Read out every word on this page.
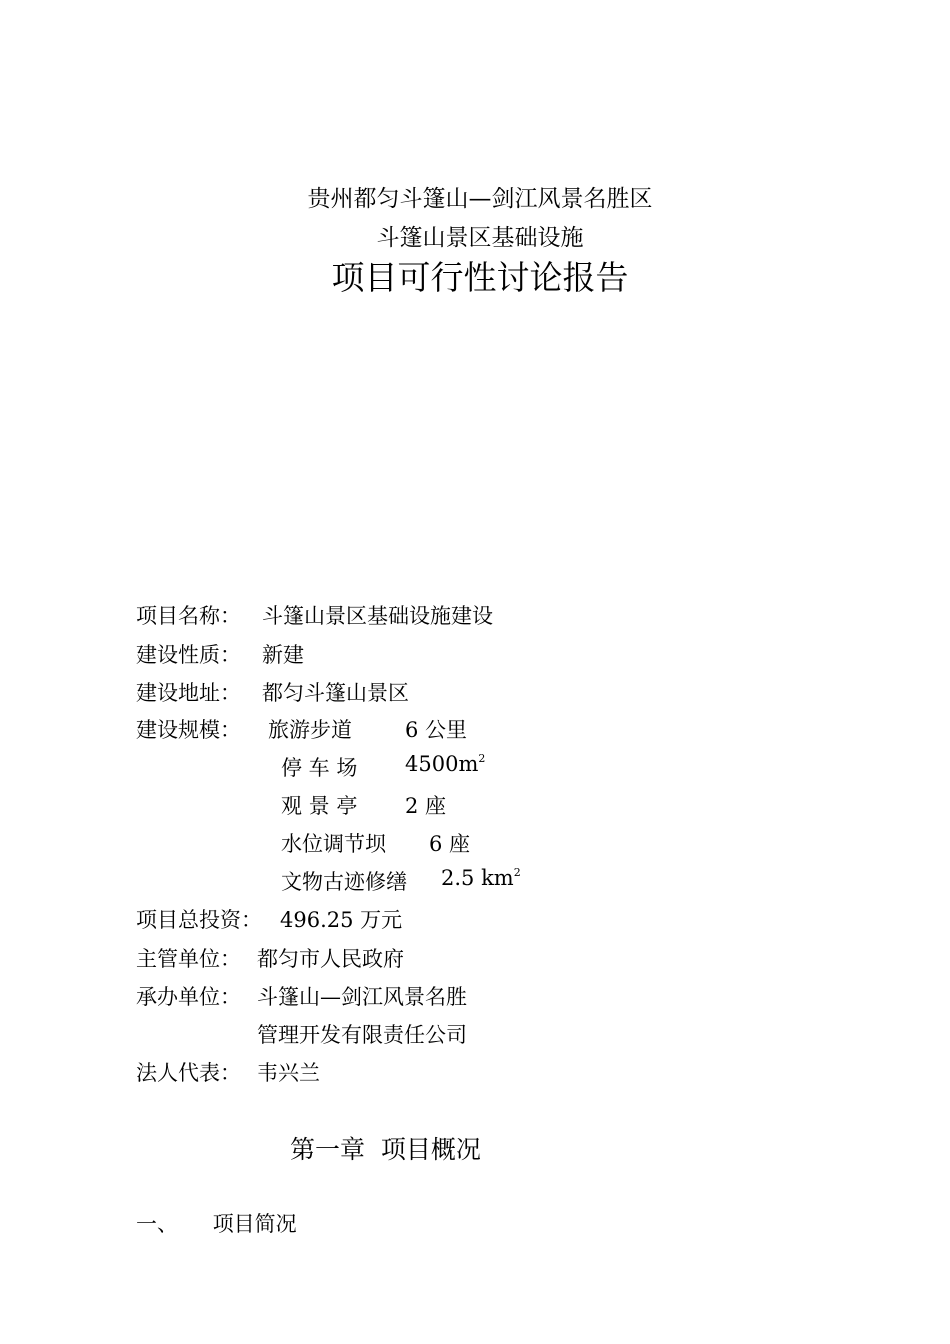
贵州都匀斗篷山—剑江风景名胜区
斗篷山景区基础设施
项目可行性讨论报告
项目名称： 斗篷山景区基础设施建设
建设性质： 新建
建设地址： 都匀斗篷山景区
建设规模： 旅游步道	6 公里
停 车 场 $4500m^2$
观 景 亭 2 座
水位调节坝 6 座
文物古迹修缮 2.5 $km^2$
项目总投资： 496.25 万元
主管单位： 都匀市人民政府
承办单位： 斗篷山—剑江风景名胜
管理开发有限责任公司
法人代表： 韦兴兰
第一章  项目概况
一、 项目简况
